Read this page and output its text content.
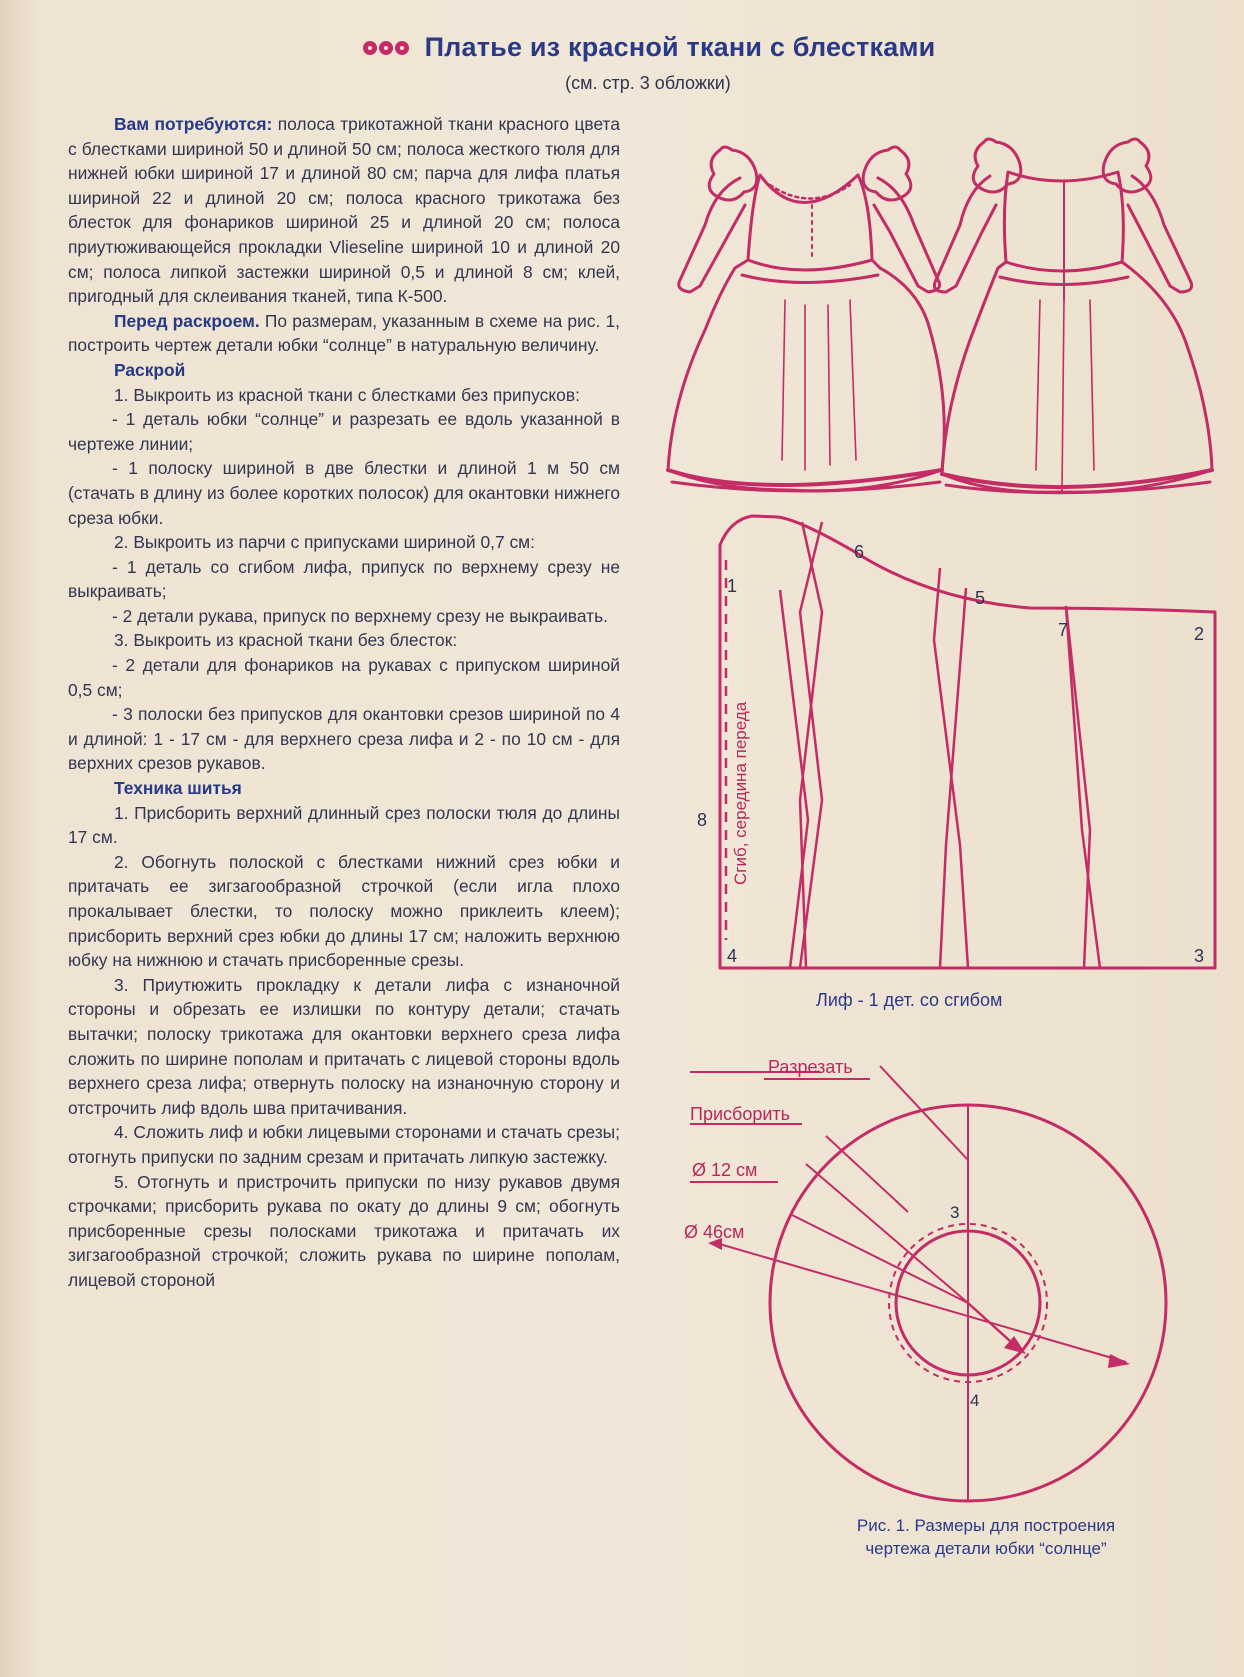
Платье из красной ткани с блестками
(см. стр. 3 обложки)

Вам потребуются: полоса трикотажной ткани красного цвета с блестками шириной 50 и длиной 50 см; полоса жесткого тюля для нижней юбки шириной 17 и длиной 80 см; парча для лифа платья шириной 22 и длиной 20 см; полоса красного трикотажа без блесток для фонариков шириной 25 и длиной 20 см; полоса приутюживающейся прокладки Vlieseline шириной 10 и длиной 20 см; полоса липкой застежки шириной 0,5 и длиной 8 см; клей, пригодный для склеивания тканей, типа К-500.

Перед раскроем. По размерам, указанным в схеме на рис. 1, построить чертеж детали юбки “солнце” в натуральную величину.

Раскрой

1. Выкроить из красной ткани с блестками без припусков:

- 1 деталь юбки “солнце” и разрезать ее вдоль указанной в чертеже линии;

- 1 полоску шириной в две блестки и длиной 1 м 50 см (стачать в длину из более коротких полосок) для окантовки нижнего среза юбки.

2. Выкроить из парчи с припусками шириной 0,7 см:

- 1 деталь со сгибом лифа, припуск по верхнему срезу не выкраивать;

- 2 детали рукава, припуск по верхнему срезу не выкраивать.

3. Выкроить из красной ткани без блесток:

- 2 детали для фонариков на рукавах с припуском шириной 0,5 см;

- 3 полоски без припусков для окантовки срезов шириной по 4 и длиной: 1 - 17 см - для верхнего среза лифа и 2 - по 10 см - для верхних срезов рукавов.

Техника шитья

1. Присборить верхний длинный срез полоски тюля до длины 17 см.

2. Обогнуть полоской с блестками нижний срез юбки и притачать ее зигзагообразной строчкой (если игла плохо прокалывает блестки, то полоску можно приклеить клеем); присборить верхний срез юбки до длины 17 см; наложить верхнюю юбку на нижнюю и стачать присборенные срезы.

3. Приутюжить прокладку к детали лифа с изнаночной стороны и обрезать ее излишки по контуру детали; стачать вытачки; полоску трикотажа для окантовки верхнего среза лифа сложить по ширине пополам и притачать с лицевой стороны вдоль верхнего среза лифа; отвернуть полоску на изнаночную сторону и отстрочить лиф вдоль шва притачивания.

4. Сложить лиф и юбки лицевыми сторонами и стачать срезы; отогнуть припуски по задним срезам и притачать липкую застежку.

5. Отогнуть и пристрочить припуски по низу рукавов двумя строчками; присборить рукава по окату до длины 9 см; обогнуть присборенные срезы полосками трикотажа и притачать их зигзагообразной строчкой; сложить рукава по ширине пополам, лицевой стороной

1
2
3
4
5
6
7
8 Сгиб, середина переда
Разрезать
Присборить
Ø 12 см
Ø 46см
3
4
Лиф - 1 дет. со сгибом
Рис. 1. Размеры для построения
чертежа детали юбки “солнце”
